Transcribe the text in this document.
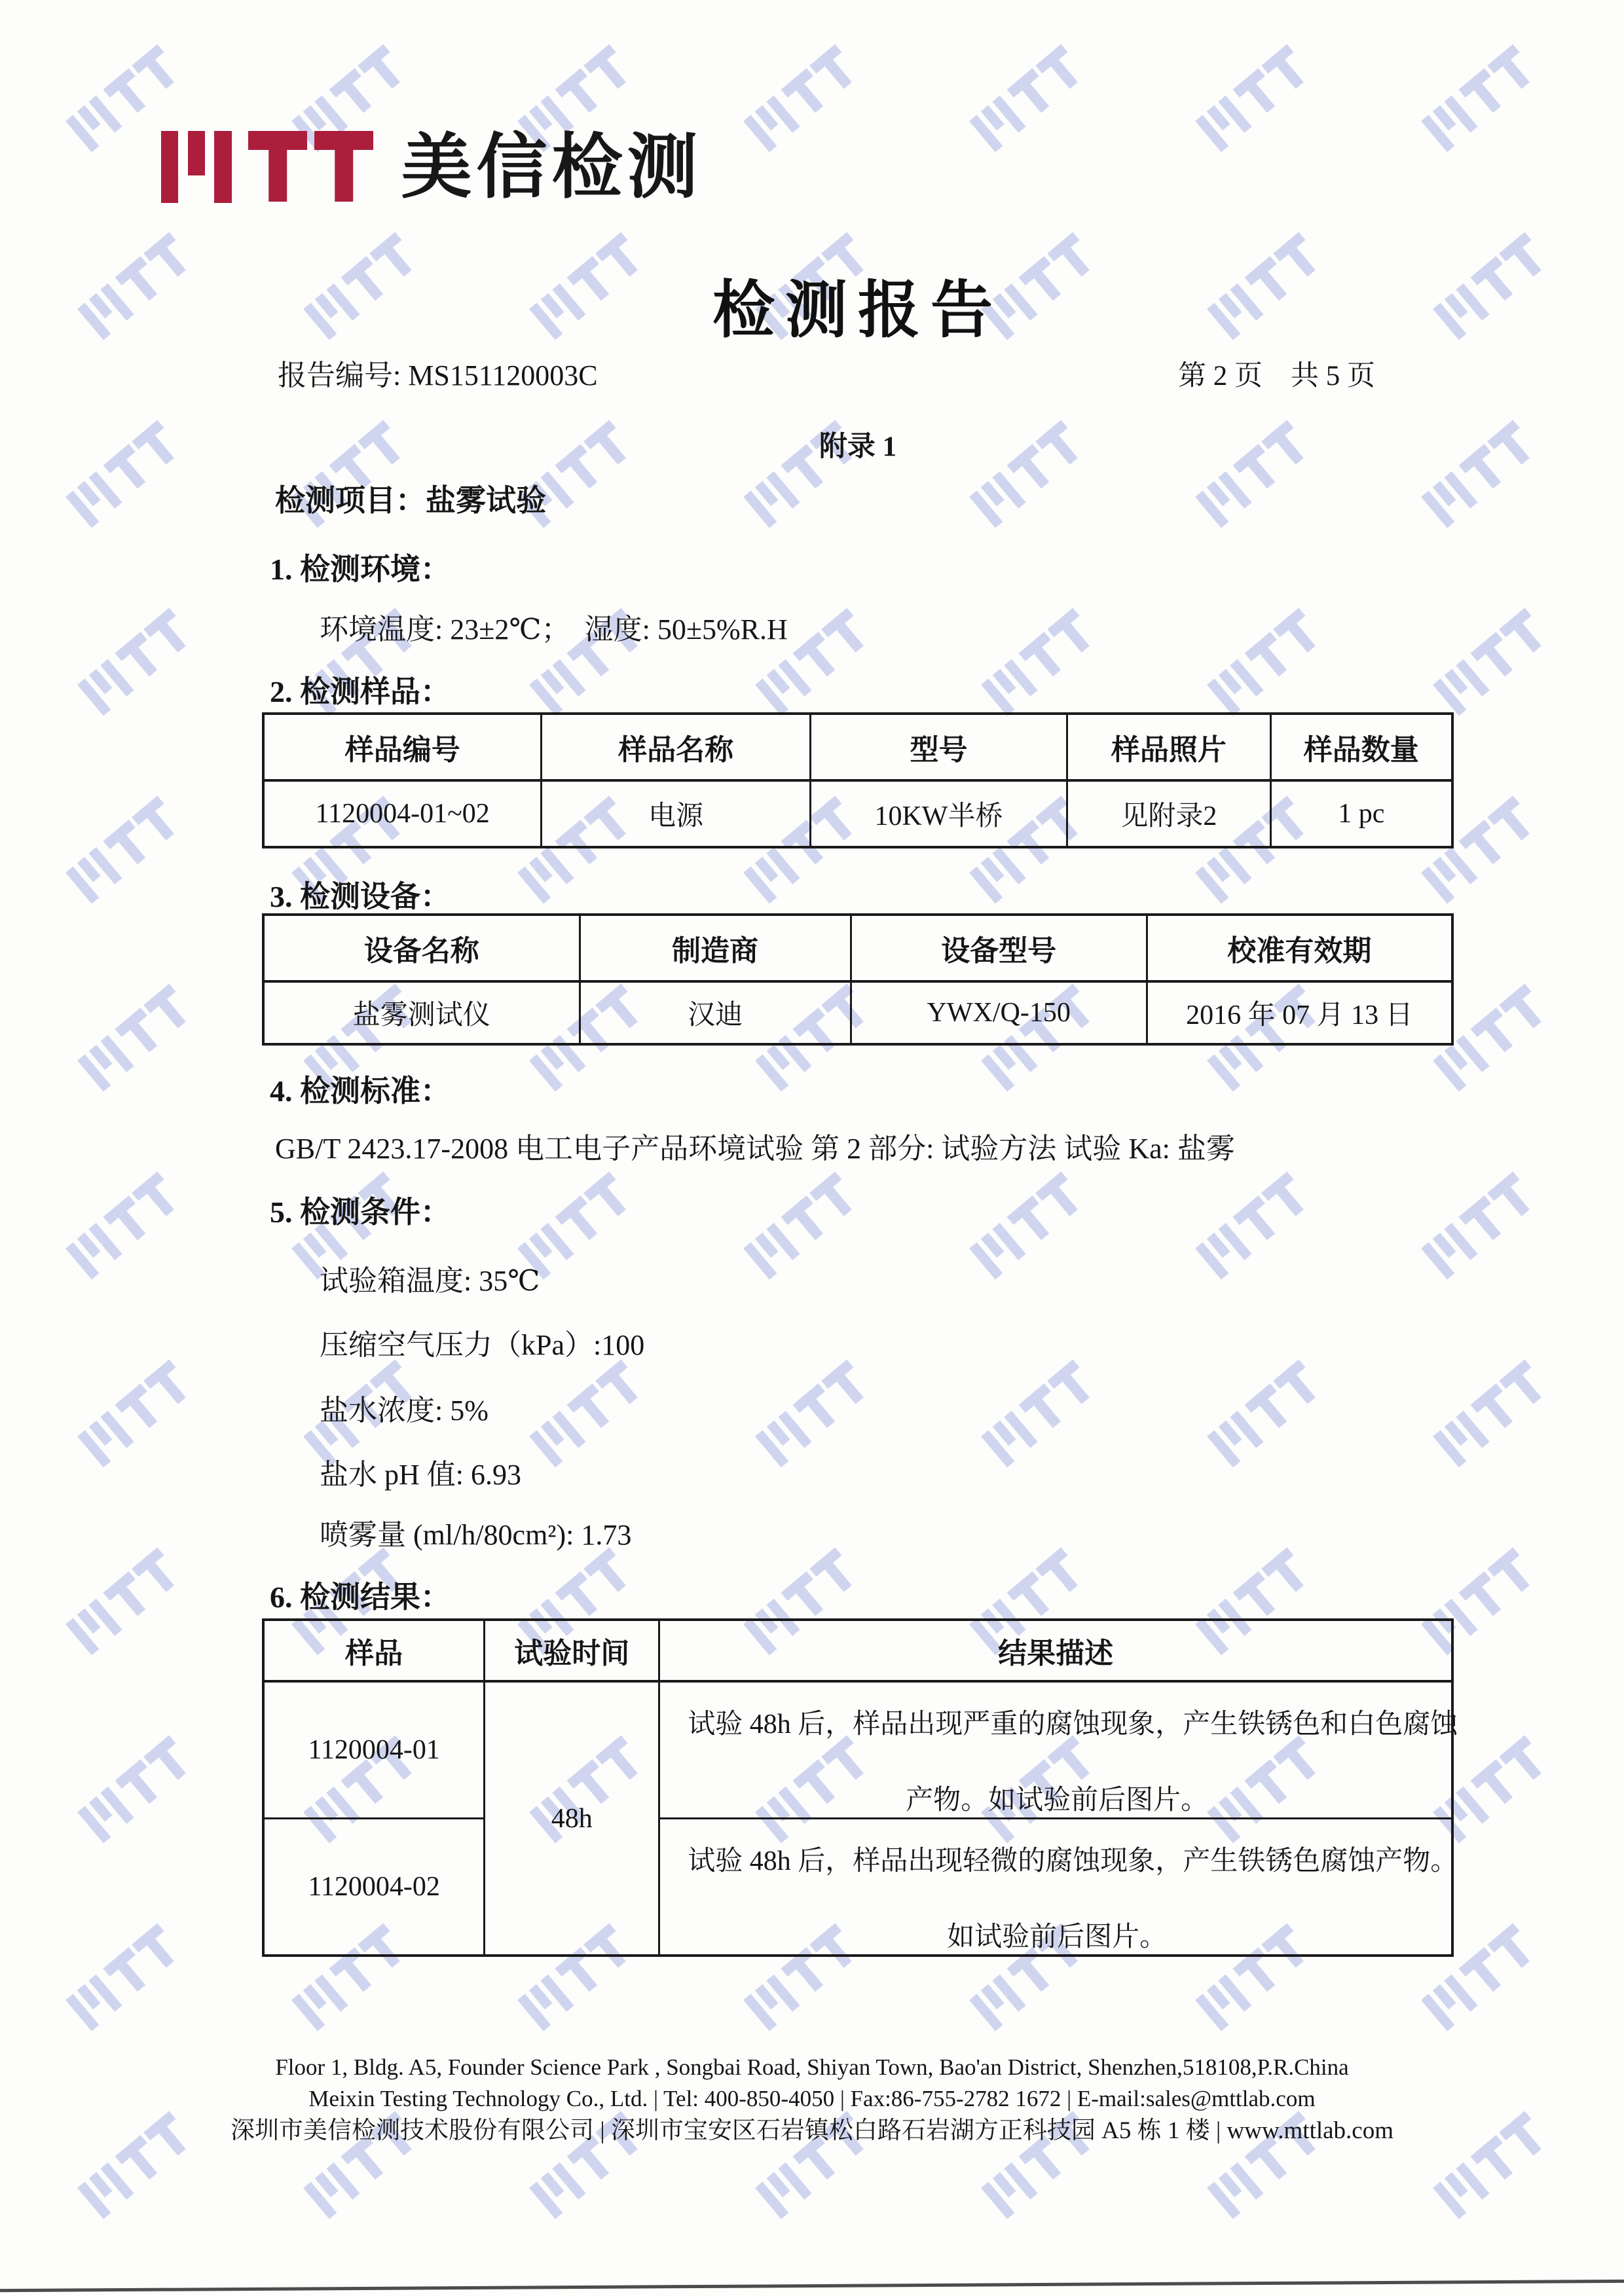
美信检测
检测报告
报告编号: MS151120003C	第 2 页　共 5 页
附录 1
检测项目：盐雾试验
1. 检测环境：
环境温度: 23±2℃；　湿度: 50±5%R.H
2. 检测样品：
样品编号	样品名称	型号	样品照片	样品数量
1120004-01~02	电源	10KW半桥	见附录2	1 pc
3. 检测设备：
设备名称	制造商	设备型号	校准有效期
盐雾测试仪	汉迪	YWX/Q-150	2016 年 07 月 13 日
4. 检测标准：
GB/T 2423.17-2008 电工电子产品环境试验 第 2 部分: 试验方法 试验 Ka: 盐雾
5. 检测条件：
试验箱温度: 35℃
压缩空气压力（kPa）:100
盐水浓度: 5%
盐水 pH 值: 6.93
喷雾量 (ml/h/80cm²): 1.73
6. 检测结果：
样品	试验时间	结果描述
1120004-01	48h	试验 48h 后，样品出现严重的腐蚀现象，产生铁锈色和白色腐蚀
产物。如试验前后图片。

1120004-02		试验 48h 后，样品出现轻微的腐蚀现象，产生铁锈色腐蚀产物。
如试验前后图片。
Floor 1, Bldg. A5, Founder Science Park , Songbai Road, Shiyan Town, Bao'an District, Shenzhen,518108,P.R.China
Meixin Testing Technology Co., Ltd. | Tel: 400-850-4050 | Fax:86-755-2782 1672 | E-mail:sales@mttlab.com
深圳市美信检测技术股份有限公司 | 深圳市宝安区石岩镇松白路石岩湖方正科技园 A5 栋 1 楼 | www.mttlab.com
